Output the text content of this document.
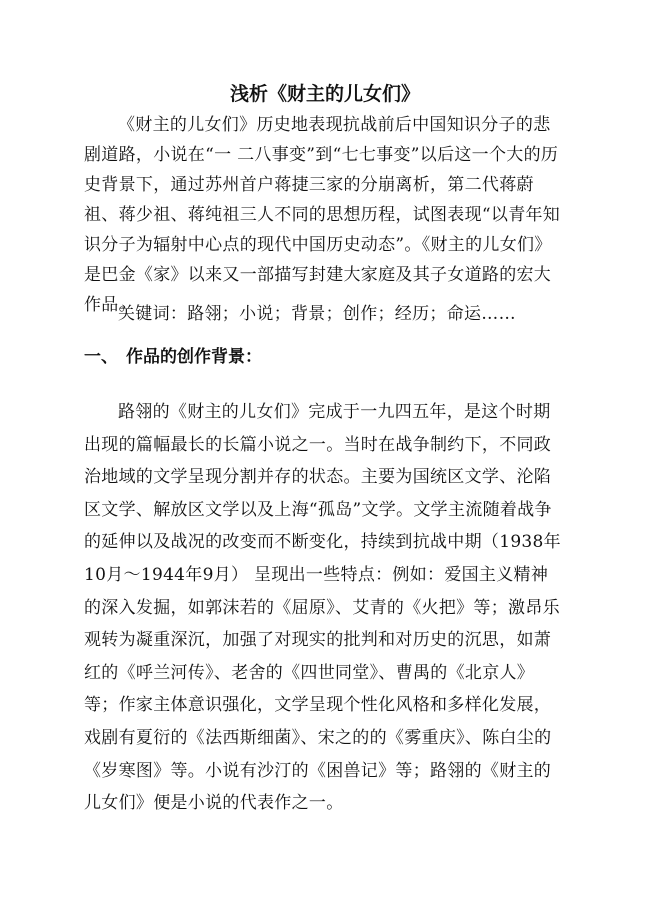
浅析《财主的儿女们》

《财主的儿女们》历史地表现抗战前后中国知识分子的悲剧道路，小说在“一 二八事变”到“七七事变”以后这一个大的历史背景下，通过苏州首户蒋捷三家的分崩离析，第二代蒋蔚祖、蒋少祖、蒋纯祖三人不同的思想历程，试图表现“以青年知识分子为辐射中心点的现代中国历史动态”。《财主的儿女们》是巴金《家》以来又一部描写封建大家庭及其子女道路的宏大作品。

关键词：路翎；小说；背景；创作；经历；命运……

一、 作品的创作背景：

路翎的《财主的儿女们》完成于一九四五年，是这个时期出现的篇幅最长的长篇小说之一。当时在战争制约下，不同政治地域的文学呈现分割并存的状态。主要为国统区文学、沦陷区文学、解放区文学以及上海“孤岛”文学。文学主流随着战争的延伸以及战况的改变而不断变化，持续到抗战中期（1938年10月～1944年9月） 呈现出一些特点：例如：爱国主义精神的深入发掘，如郭沫若的《屈原》、艾青的《火把》等；激昂乐观转为凝重深沉，加强了对现实的批判和对历史的沉思，如萧红的《呼兰河传》、老舍的《四世同堂》、曹禺的《北京人》等；作家主体意识强化，文学呈现个性化风格和多样化发展，戏剧有夏衍的《法西斯细菌》、宋之的的《雾重庆》、陈白尘的《岁寒图》等。小说有沙汀的《困兽记》等；路翎的《财主的儿女们》便是小说的代表作之一。
